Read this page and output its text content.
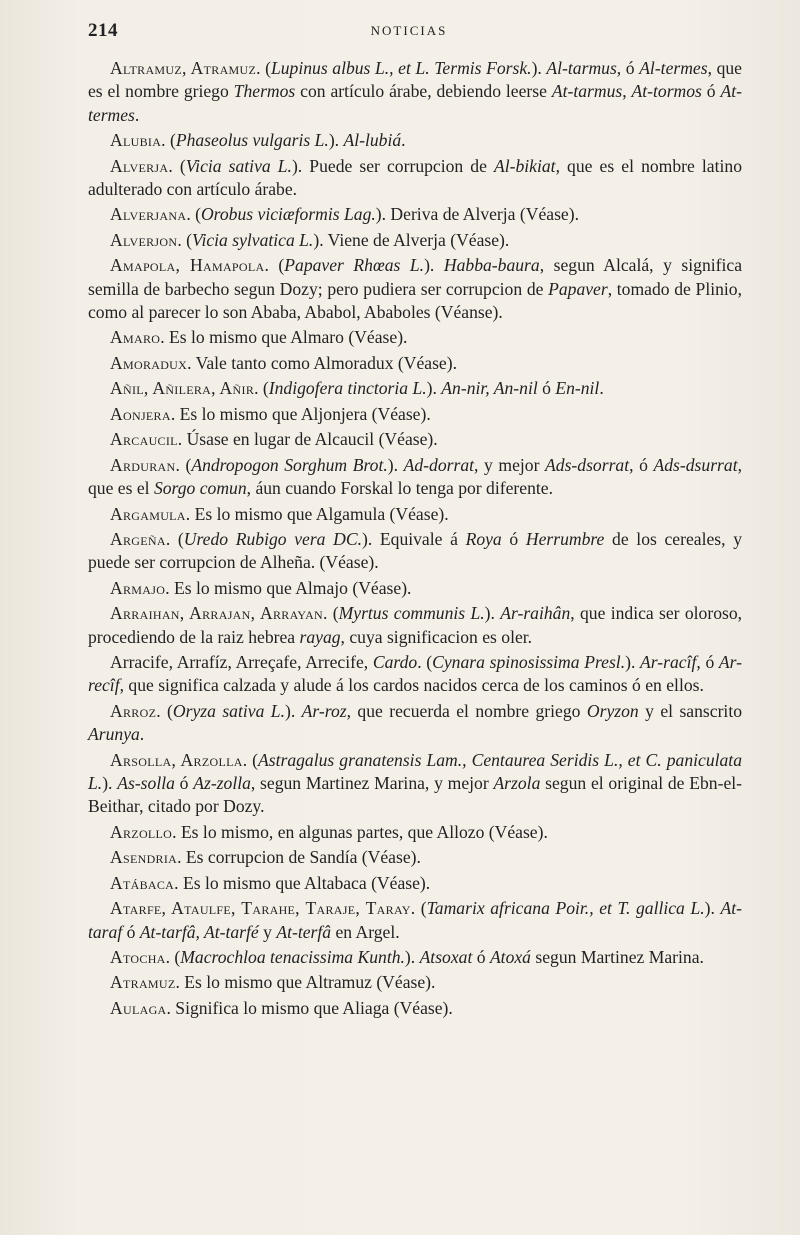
214	NOTICIAS

Altramuz, Atramuz. (Lupinus albus L., et L. Termis Forsk.). Al-tarmus, ó Al-termes, que es el nombre griego Thermos con artículo árabe, debiendo leerse At-tarmus, At-tormos ó At-termes.

Alubia. (Phaseolus vulgaris L.). Al-lubiá.

Alverja. (Vicia sativa L.). Puede ser corrupcion de Al-bikiat, que es el nombre latino adulterado con artículo árabe.

Alverjana. (Orobus viciæformis Lag.). Deriva de Alverja (Véase).

Alverjon. (Vicia sylvatica L.). Viene de Alverja (Véase).

Amapola, Hamapola. (Papaver Rhœas L.). Habba-baura, segun Alcalá, y significa semilla de barbecho segun Dozy; pero pudiera ser corrupcion de Papaver, tomado de Plinio, como al parecer lo son Ababa, Ababol, Ababoles (Véanse).

Amaro. Es lo mismo que Almaro (Véase).

Amoradux. Vale tanto como Almoradux (Véase).

Añil, Añilera, Añir. (Indigofera tinctoria L.). An-nir, An-nil ó En-nil.

Aonjera. Es lo mismo que Aljonjera (Véase).

Arcaucil. Úsase en lugar de Alcaucil (Véase).

Arduran. (Andropogon Sorghum Brot.). Ad-dorrat, y mejor Ads-dsorrat, ó Ads-dsurrat, que es el Sorgo comun, áun cuando Forskal lo tenga por diferente.

Argamula. Es lo mismo que Algamula (Véase).

Argeña. (Uredo Rubigo vera DC.). Equivale á Roya ó Herrumbre de los cereales, y puede ser corrupcion de Alheña. (Véase).

Armajo. Es lo mismo que Almajo (Véase).

Arraihan, Arrajan, Arrayan. (Myrtus communis L.). Ar-raihân, que indica ser oloroso, procediendo de la raiz hebrea rayag, cuya significacion es oler.

Arracife, Arrafíz, Arreçafe, Arrecife, Cardo. (Cynara spinosissima Presl.). Ar-racîf, ó Ar-recîf, que significa calzada y alude á los cardos nacidos cerca de los caminos ó en ellos.

Arroz. (Oryza sativa L.). Ar-roz, que recuerda el nombre griego Oryzon y el sanscrito Arunya.

Arsolla, Arzolla. (Astragalus granatensis Lam., Centaurea Seridis L., et C. paniculata L.). As-solla ó Az-zolla, segun Martinez Marina, y mejor Arzola segun el original de Ebn-el-Beithar, citado por Dozy.

Arzollo. Es lo mismo, en algunas partes, que Allozo (Véase).

Asendria. Es corrupcion de Sandía (Véase).

Atábaca. Es lo mismo que Altabaca (Véase).

Atarfe, Ataulfe, Tarahe, Taraje, Taray. (Tamarix africana Poir., et T. gallica L.). At-taraf ó At-tarfâ, At-tarfé y At-terfâ en Argel.

Atocha. (Macrochloa tenacissima Kunth.). Atsoxat ó Atoxá segun Martinez Marina.

Atramuz. Es lo mismo que Altramuz (Véase).

Aulaga. Significa lo mismo que Aliaga (Véase).
